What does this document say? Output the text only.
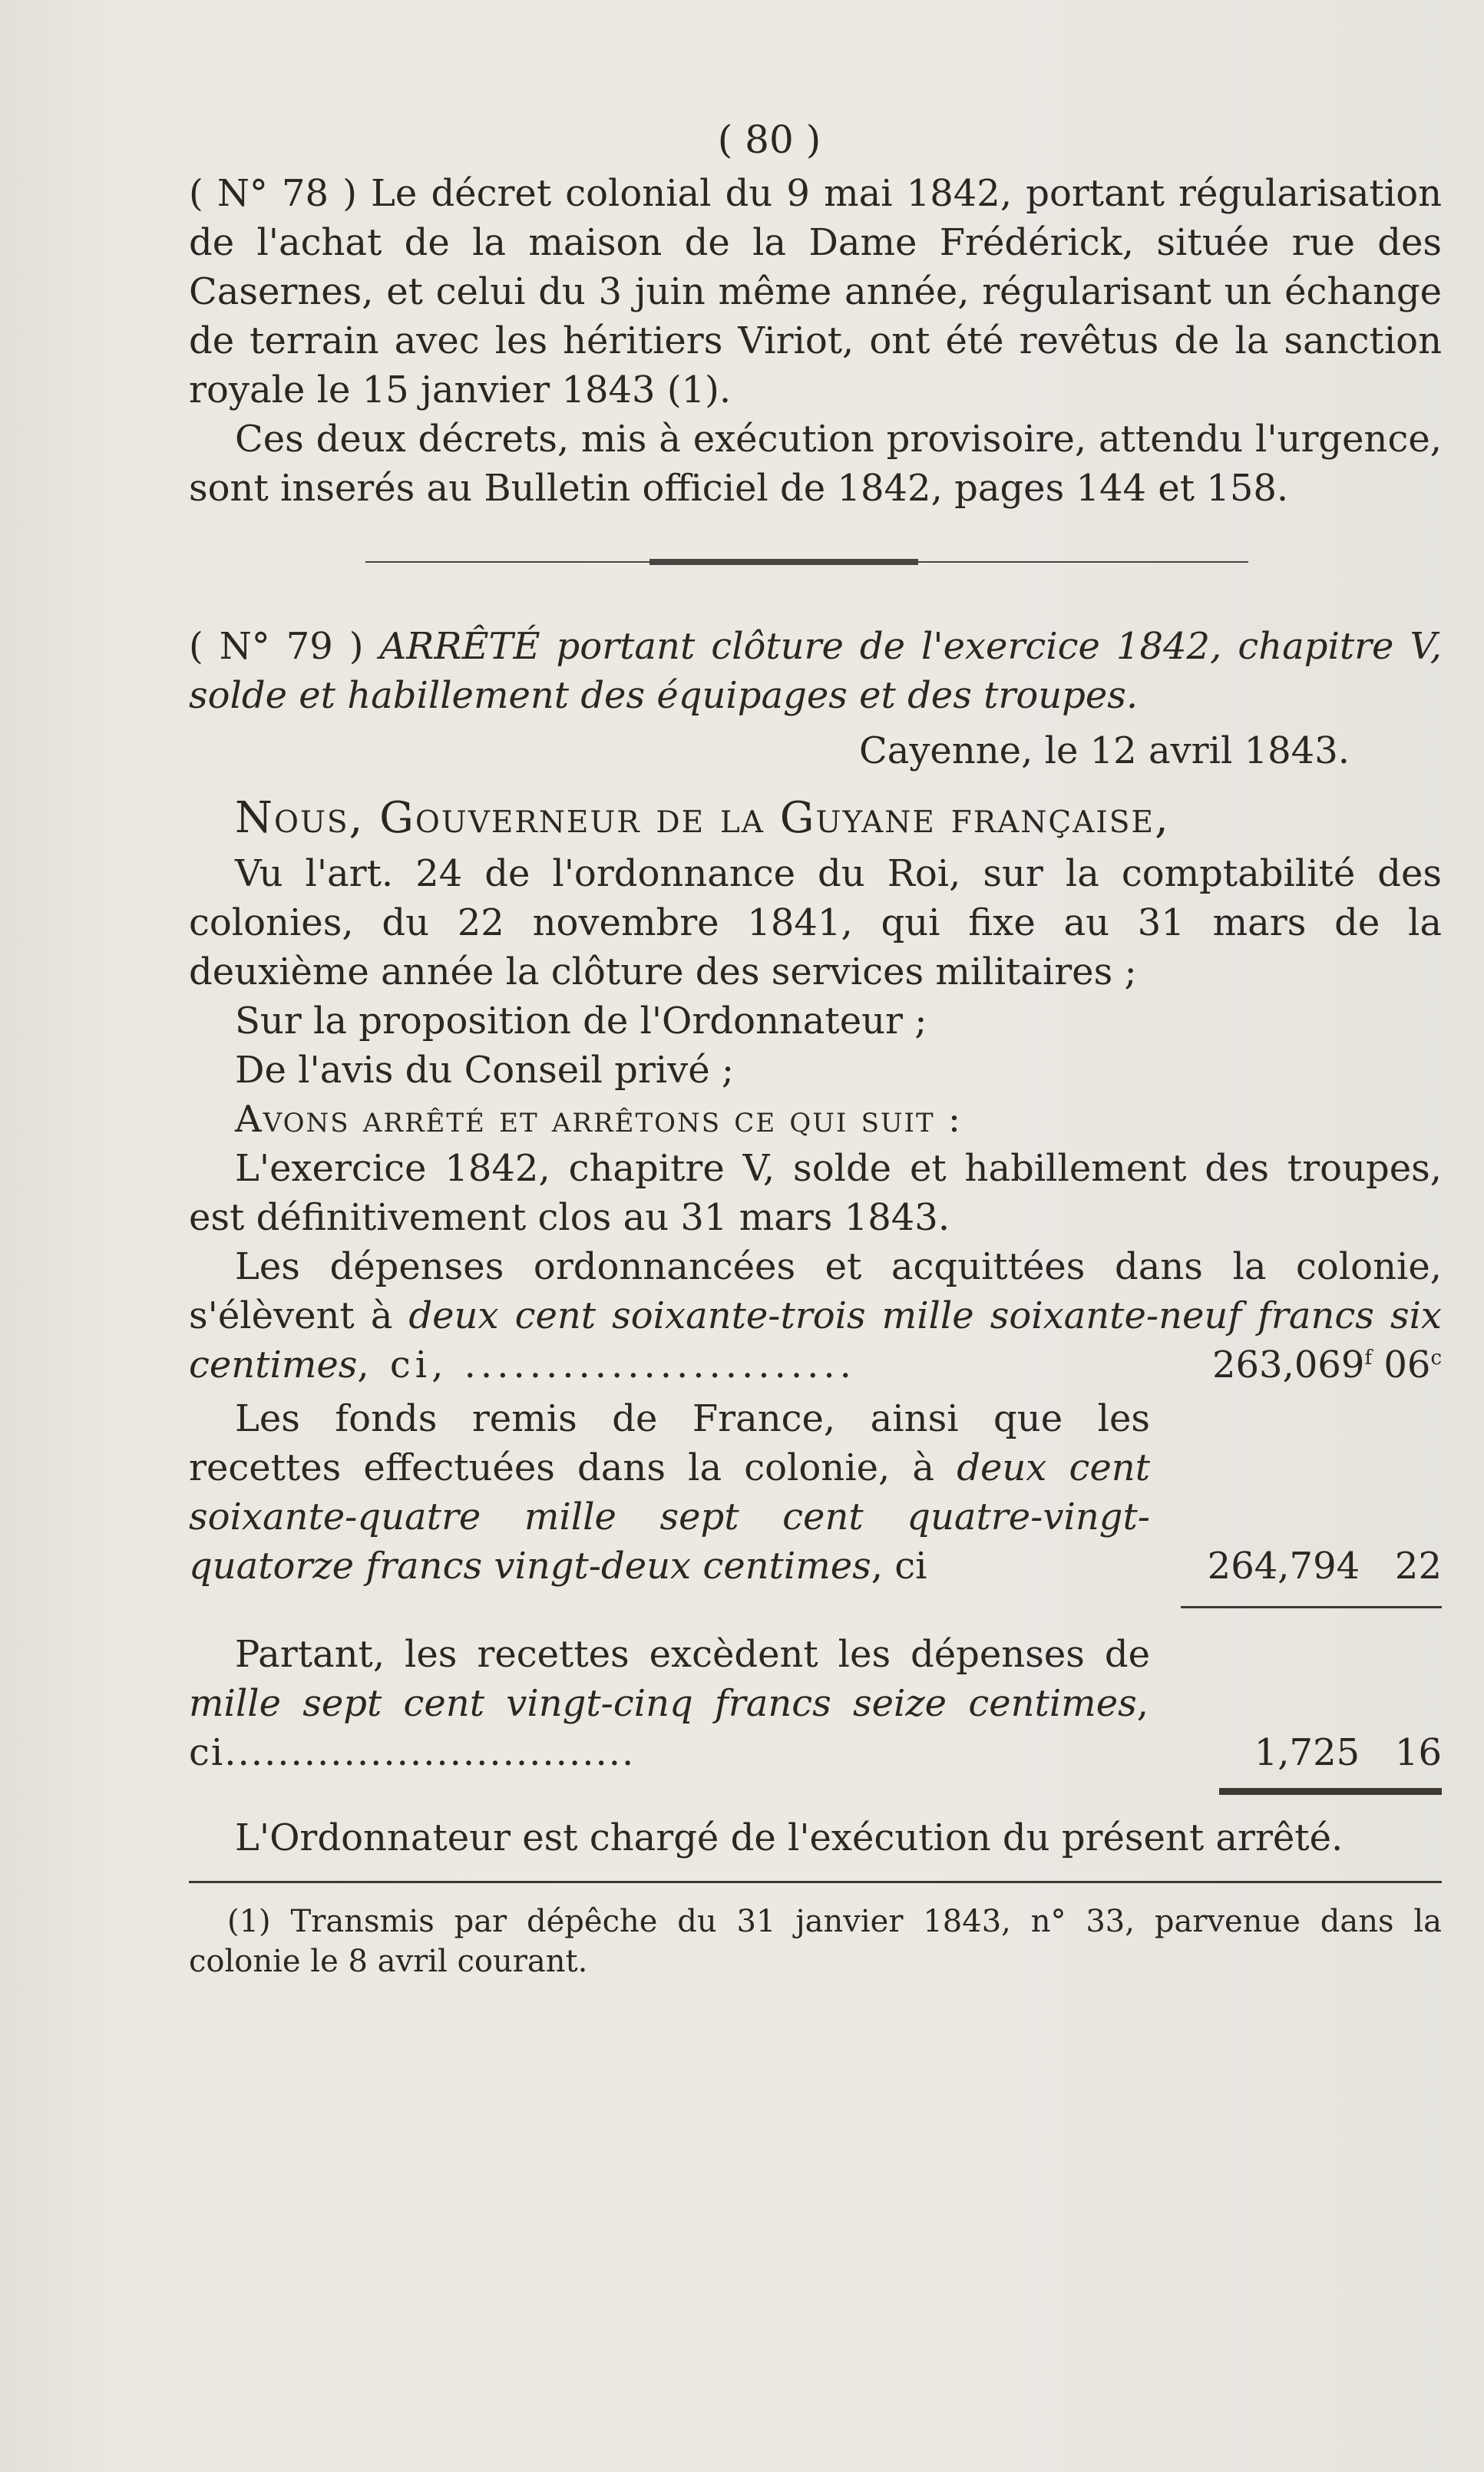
( 80 )

( N° 78 ) Le décret colonial du 9 mai 1842, portant régularisation de l'achat de la maison de la Dame Frédérick, située rue des Casernes, et celui du 3 juin même année, régularisant un échange de terrain avec les héritiers Viriot, ont été revêtus de la sanction royale le 15 janvier 1843 (1).

Ces deux décrets, mis à exécution provisoire, attendu l'urgence, sont inserés au Bulletin officiel de 1842, pages 144 et 158.

( N° 79 ) ARRÊTÉ portant clôture de l'exercice 1842, chapitre V, solde et habillement des équipages et des troupes.

Cayenne, le 12 avril 1843.
Nous, Gouverneur de la Guyane française,

Vu l'art. 24 de l'ordonnance du Roi, sur la comptabilité des colonies, du 22 novembre 1841, qui fixe au 31 mars de la deuxième année la clôture des services militaires ;

Sur la proposition de l'Ordonnateur ;

De l'avis du Conseil privé ;

Avons arrêté et arrêtons ce qui suit :

L'exercice 1842, chapitre V, solde et habillement des troupes, est définitivement clos au 31 mars 1843.

Les dépenses ordonnancées et acquittées dans la colonie, s'élèvent à deux cent soixante-trois mille soixante-neuf francs six centimes, ci, ........................	263,069$^f$ 06$^c$

Les fonds remis de France, ainsi que les recettes effectuées dans la colonie, à deux cent soixante-quatre mille sept cent quatre-vingt-quatorze francs vingt-deux centimes, ci	264,794   22

Partant, les recettes excèdent les dépenses de mille sept cent vingt-cinq francs seize centimes, ci...............................	1,725   16

L'Ordonnateur est chargé de l'exécution du présent arrêté.

(1) Transmis par dépêche du 31 janvier 1843, n° 33, parvenue dans la colonie le 8 avril courant.
